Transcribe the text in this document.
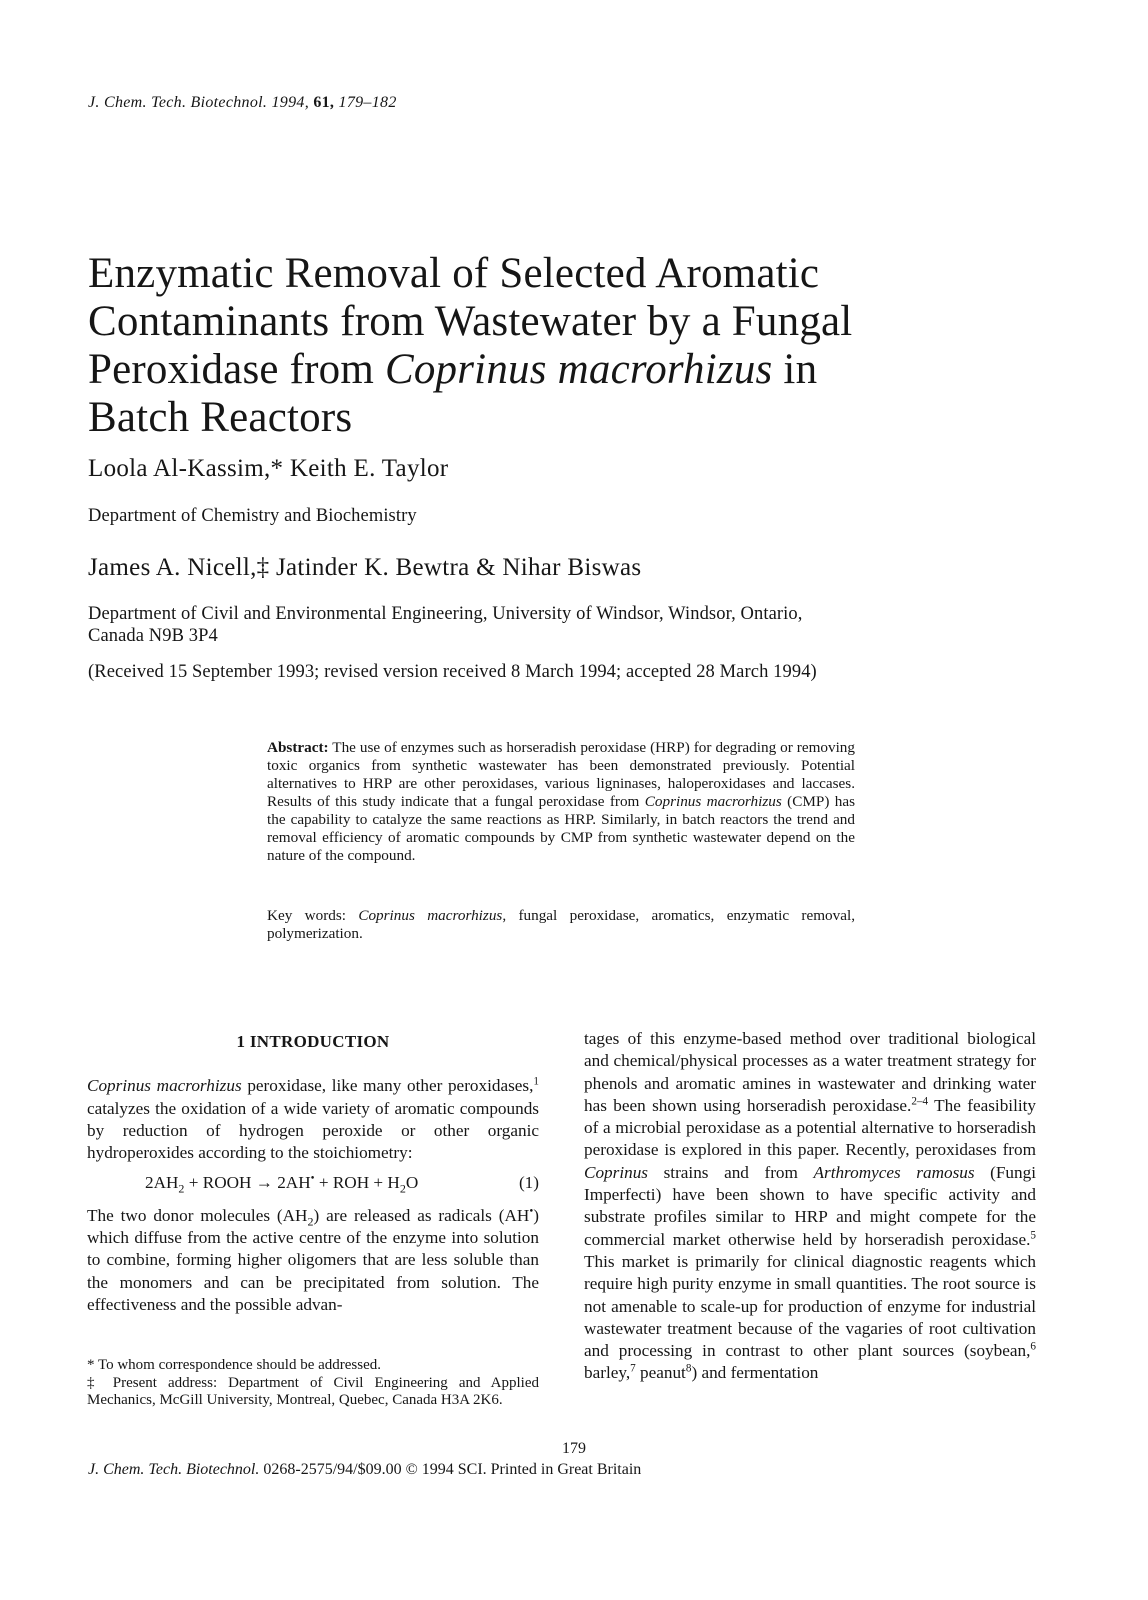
J. Chem. Tech. Biotechnol. 1994, 61, 179–182

Enzymatic Removal of Selected Aromatic
Contaminants from Wastewater by a Fungal
Peroxidase from Coprinus macrorhizus in
Batch Reactors

Loola Al-Kassim,* Keith E. Taylor

Department of Chemistry and Biochemistry

James A. Nicell,‡ Jatinder K. Bewtra & Nihar Biswas

Department of Civil and Environmental Engineering, University of Windsor, Windsor, Ontario,
Canada N9B 3P4

(Received 15 September 1993; revised version received 8 March 1994; accepted 28 March 1994)

Abstract: The use of enzymes such as horseradish peroxidase (HRP) for degrading or removing toxic organics from synthetic wastewater has been demonstrated previously. Potential alternatives to HRP are other peroxidases, various ligninases, haloperoxidases and laccases. Results of this study indicate that a fungal peroxidase from Coprinus macrorhizus (CMP) has the capability to catalyze the same reactions as HRP. Similarly, in batch reactors the trend and removal efficiency of aromatic compounds by CMP from synthetic wastewater depend on the nature of the compound.

Key words: Coprinus macrorhizus, fungal peroxidase, aromatics, enzymatic removal, polymerization.
1 INTRODUCTION

Coprinus macrorhizus peroxidase, like many other peroxidases,$^1$ catalyzes the oxidation of a wide variety of aromatic compounds by reduction of hydrogen peroxide or other organic hydroperoxides according to the stoichiometry:

$2AH_2$ + ROOH → 2AH• + ROH + $H_2O$	(1)

The two donor molecules $(AH_2)$ are released as radicals (AH•) which diffuse from the active centre of the enzyme into solution to combine, forming higher oligomers that are less soluble than the monomers and can be precipitated from solution. The effectiveness and the possible advan-

* To whom correspondence should be addressed.

‡ Present address: Department of Civil Engineering and Applied Mechanics, McGill University, Montreal, Quebec, Canada H3A 2K6.

tages of this enzyme-based method over traditional biological and chemical/physical processes as a water treatment strategy for phenols and aromatic amines in wastewater and drinking water has been shown using horseradish peroxidase.$^{2-4}$ The feasibility of a microbial peroxidase as a potential alternative to horseradish peroxidase is explored in this paper. Recently, peroxidases from Coprinus strains and from Arthromyces ramosus (Fungi Imperfecti) have been shown to have specific activity and substrate profiles similar to HRP and might compete for the commercial market otherwise held by horseradish peroxidase.$^5$ This market is primarily for clinical diagnostic reagents which require high purity enzyme in small quantities. The root source is not amenable to scale-up for production of enzyme for industrial wastewater treatment because of the vagaries of root cultivation and processing in contrast to other plant sources (soybean,$^6$ barley,$^7$ peanut$^8$) and fermentation

179

J. Chem. Tech. Biotechnol. 0268-2575/94/$09.00 © 1994 SCI. Printed in Great Britain
